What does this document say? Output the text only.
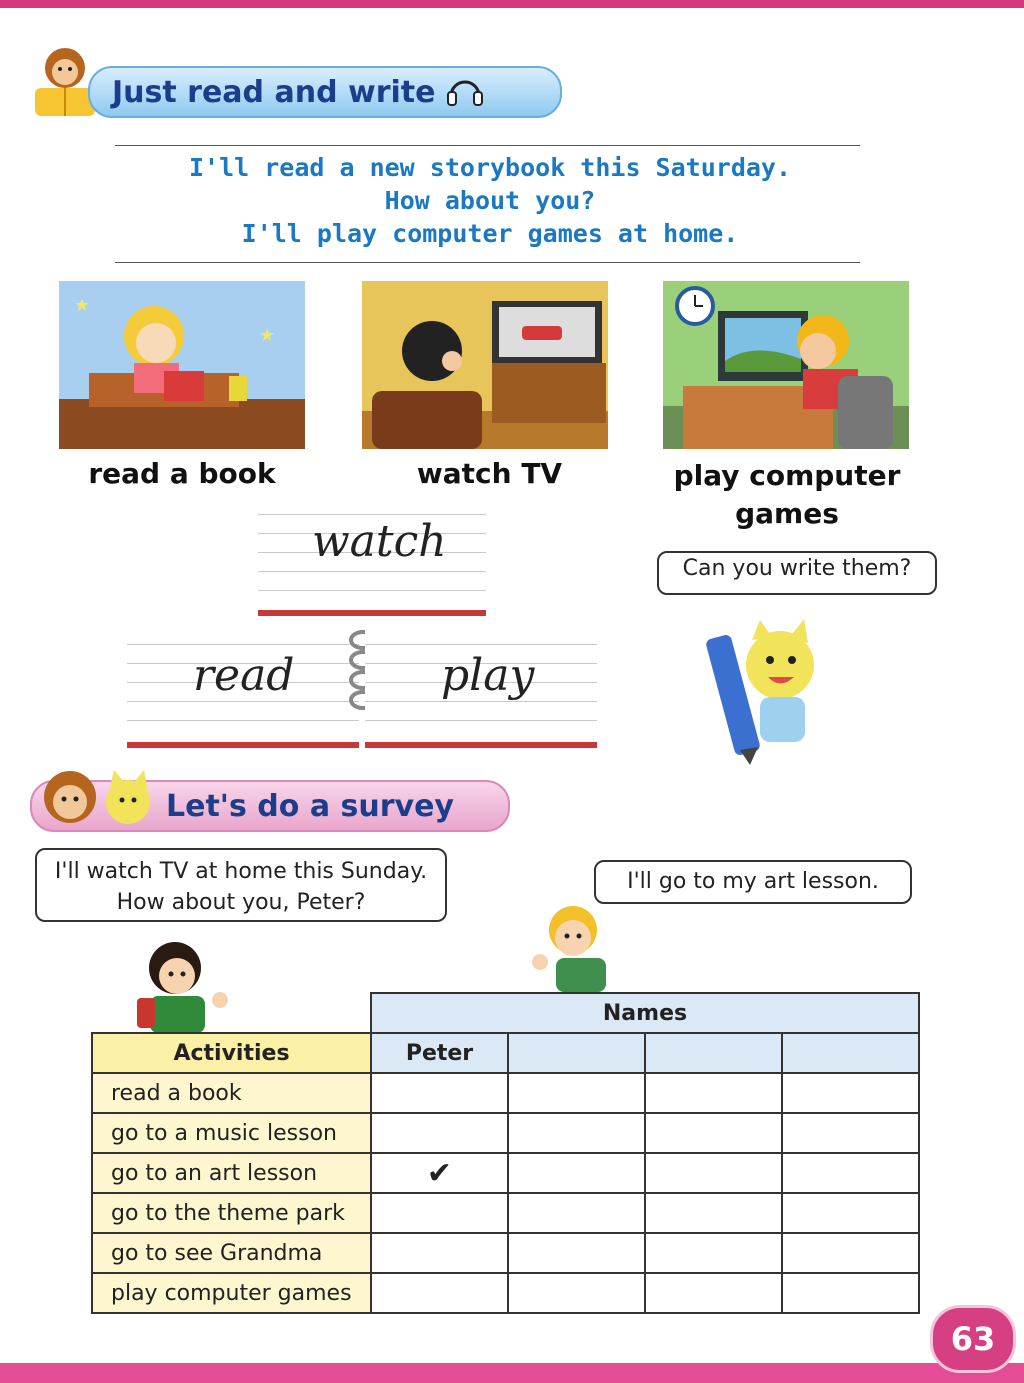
Just read and write
I'll read a new storybook this Saturday.
How about you?
I'll play computer games at home.
★
★
read a book	watch TV	play computer games
watch
read	play
Can you write them?
Let's do a survey
I'll watch TV at home this Sunday. How about you, Peter?
I'll go to my art lesson.
	Names			
Activities	Peter			
read a book				
go to a music lesson				
go to an art lesson	✔			
go to the theme park				
go to see Grandma				
play computer games				
63
